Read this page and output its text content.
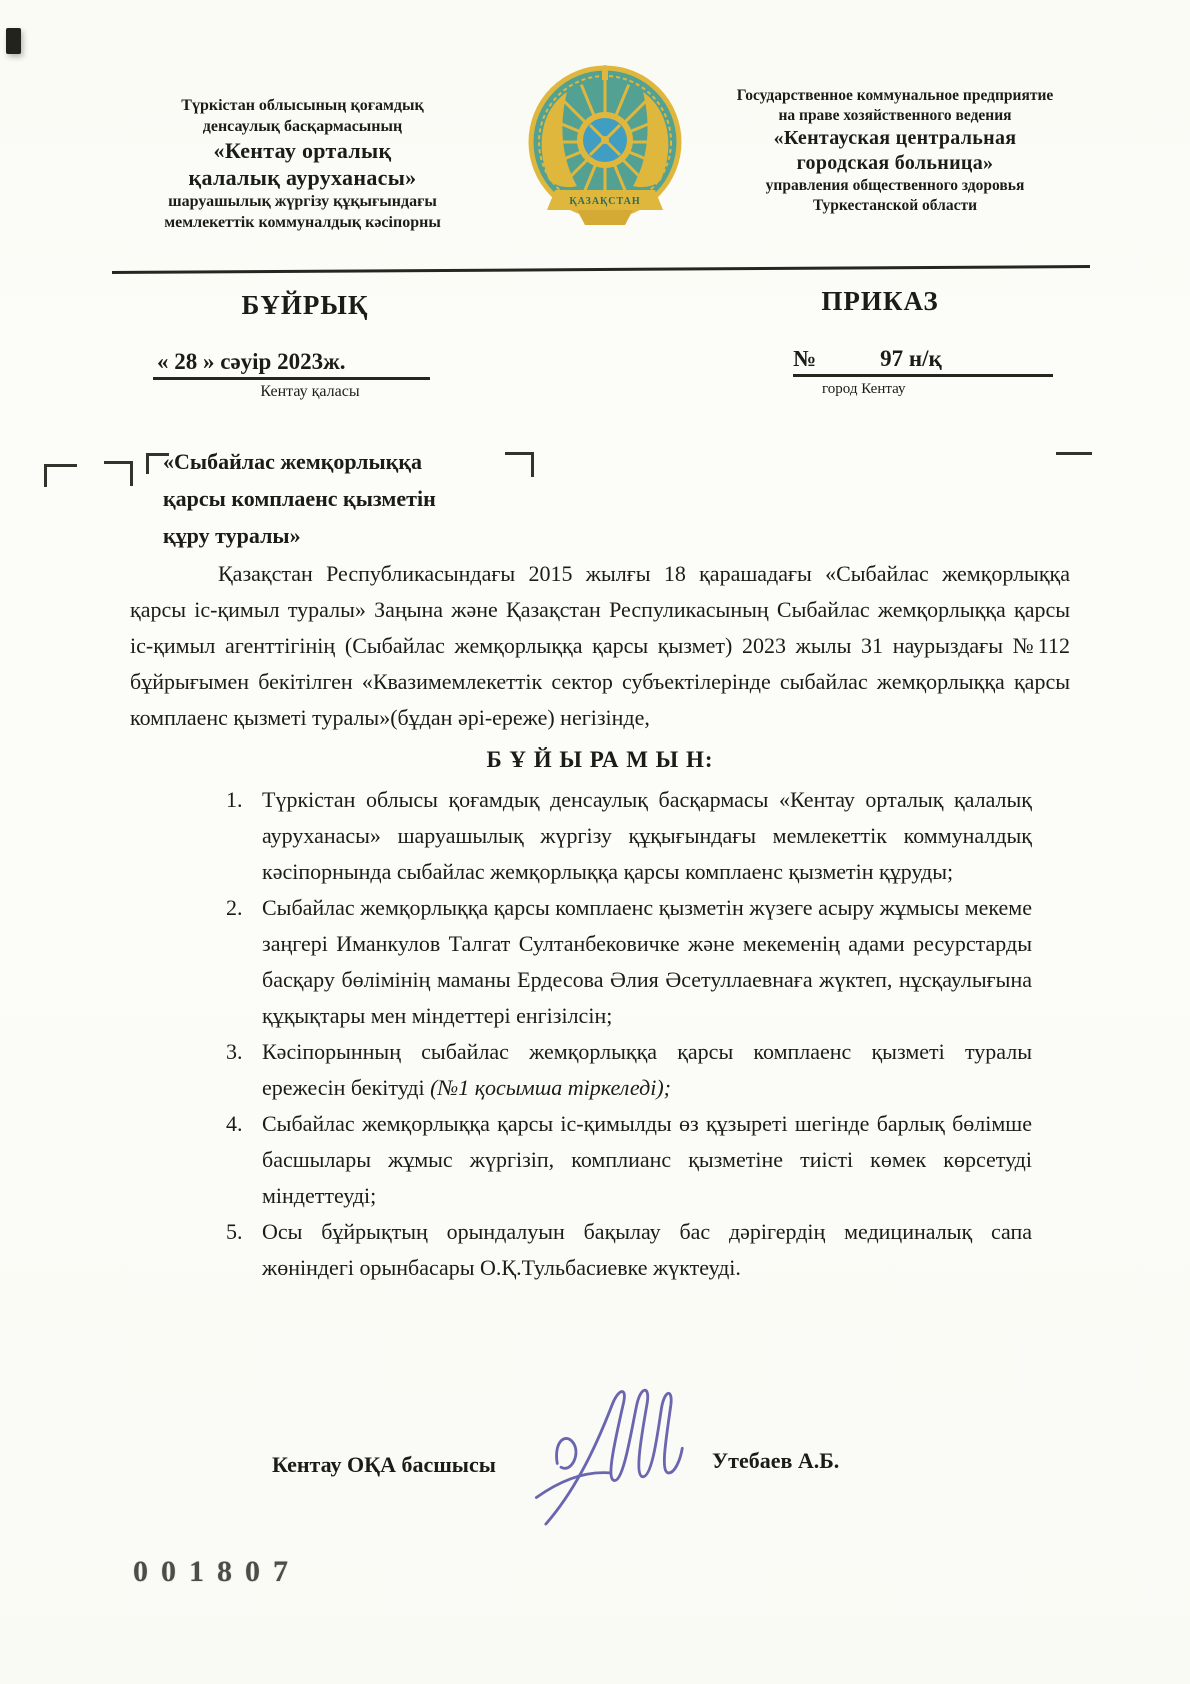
Түркістан облысының қоғамдық
денсаулық басқармасының
«Кентау орталық
қалалық ауруханасы»
шаруашылық жүргізу құқығындағы
мемлекеттік коммуналдық кәсіпорны
ҚАЗАҚСТАН
Государственное коммунальное предприятие
на праве хозяйственного ведения
«Кентауская центральная
городская больница»
управления общественного здоровья
Туркестанской области
БҰЙРЫҚ	ПРИКАЗ
« 28 » сәуір 2023ж.
Кентау қаласы
№	97 н/қ
город Кентау
«Сыбайлас жемқорлыққа
қарсы комплаенс қызметін
құру туралы»

Қазақстан Республикасындағы 2015 жылғы 18 қарашадағы «Сыбайлас жемқорлыққа қарсы іс-қимыл туралы» Заңына және Қазақстан Респуликасының Сыбайлас жемқорлыққа қарсы іс-қимыл агенттігінің (Сыбайлас жемқорлыққа қарсы қызмет) 2023 жылы 31 наурыздағы №112 бұйрығымен бекітілген «Квазимемлекеттік сектор субъектілерінде сыбайлас жемқорлыққа қарсы комплаенс қызметі туралы»(бұдан әрі-ереже) негізінде,

Б Ұ Й Ы РА М Ы Н:
1. Түркістан облысы қоғамдық денсаулық басқармасы «Кентау орталық қалалық ауруханасы» шаруашылық жүргізу құқығындағы мемлекеттік коммуналдық кәсіпорнында сыбайлас жемқорлыққа қарсы комплаенс қызметін құруды;
2. Сыбайлас жемқорлыққа қарсы комплаенс қызметін жүзеге асыру жұмысы мекеме заңгері Иманкулов Талгат Султанбековичке және мекеменің адами ресурстарды басқару бөлімінің маманы Ердесова Әлия Әсетуллаевнаға жүктеп, нұсқаулығына құқықтары мен міндеттері енгізілсін;
3. Кәсіпорынның сыбайлас жемқорлыққа қарсы комплаенс қызметі туралы ережесін бекітуді (№1 қосымша тіркеледі);
4. Сыбайлас жемқорлыққа қарсы іс-қимылды өз құзыреті шегінде барлық бөлімше басшылары жұмыс жүргізіп, комплианс қызметіне тиісті көмек көрсетуді міндеттеуді;
5. Осы бұйрықтың орындалуын бақылау бас дәрігердің медициналық сапа жөніндегі орынбасары О.Қ.Тульбасиевке жүктеуді.
Кентау ОҚА басшысы	Утебаев А.Б.
001807
